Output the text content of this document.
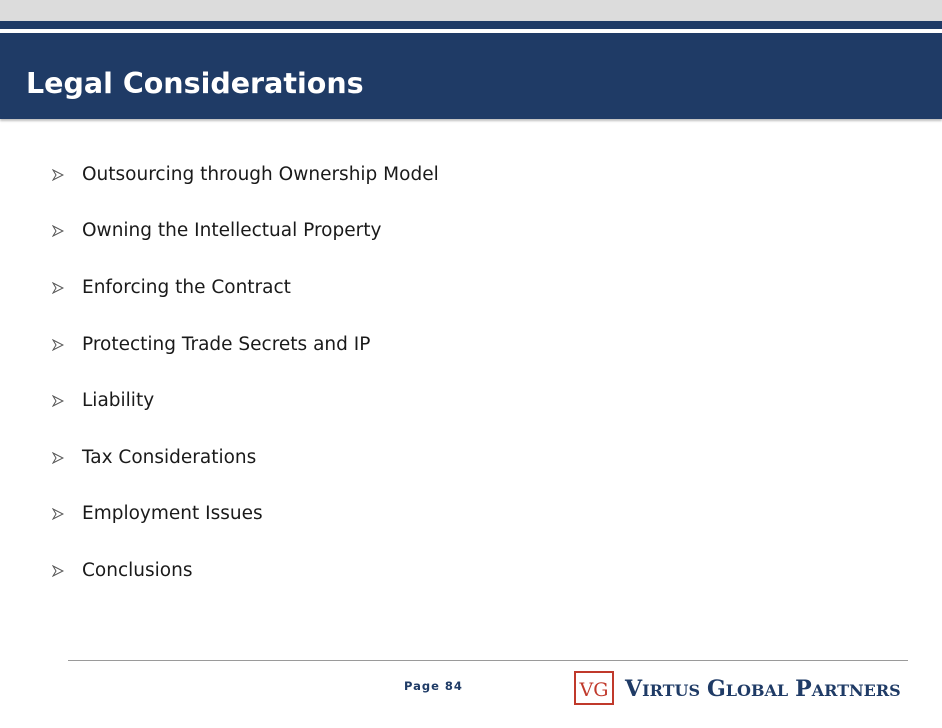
Legal Considerations
Outsourcing through Ownership Model
Owning the Intellectual Property
Enforcing the Contract
Protecting Trade Secrets and IP
Liability
Tax Considerations
Employment Issues
Conclusions
Page 84	VG VIRTUS GLOBAL PARTNERS
